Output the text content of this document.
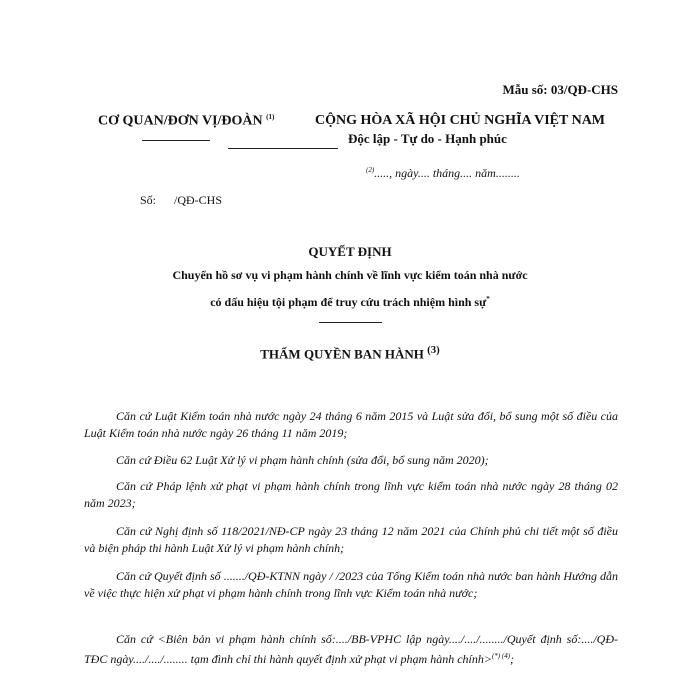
Mẫu số: 03/QĐ-CHS
CƠ QUAN/ĐƠN VỊ/ĐOÀN $^{(1)}$	CỘNG HÒA XÃ HỘI CHỦ NGHĨA VIỆT NAM
Độc lập - Tự do - Hạnh phúc
$^{(2)}$....., ngày.... tháng.... năm........
Số: /QĐ-CHS
QUYẾT ĐỊNH
Chuyển hồ sơ vụ vi phạm hành chính về lĩnh vực kiểm toán nhà nước
có dấu hiệu tội phạm để truy cứu trách nhiệm hình sự*
THẨM QUYỀN BAN HÀNH $^{(3)}$
Căn cứ Luật Kiểm toán nhà nước ngày 24 tháng 6 năm 2015 và Luật sửa đổi, bổ sung một số điều của Luật Kiểm toán nhà nước ngày 26 tháng 11 năm 2019;
Căn cứ Điều 62 Luật Xử lý vi phạm hành chính (sửa đổi, bổ sung năm 2020);
Căn cứ Pháp lệnh xử phạt vi phạm hành chính trong lĩnh vực kiểm toán nhà nước ngày 28 tháng 02 năm 2023;
Căn cứ Nghị định số 118/2021/NĐ-CP ngày 23 tháng 12 năm 2021 của Chính phủ chi tiết một số điều và biện pháp thi hành Luật Xử lý vi phạm hành chính;
Căn cứ Quyết định số ......./QĐ-KTNN ngày / /2023 của Tổng Kiểm toán nhà nước ban hành Hướng dẫn về việc thực hiện xử phạt vi phạm hành chính trong lĩnh vực Kiểm toán nhà nước;
Căn cứ <Biên bản vi phạm hành chính số:..../BB-VPHC lập ngày..../..../......../Quyết định số:..../QĐ-TĐC ngày..../..../........ tạm đình chỉ thi hành quyết định xử phạt vi phạm hành chính>$^{(*) (4)}$;
